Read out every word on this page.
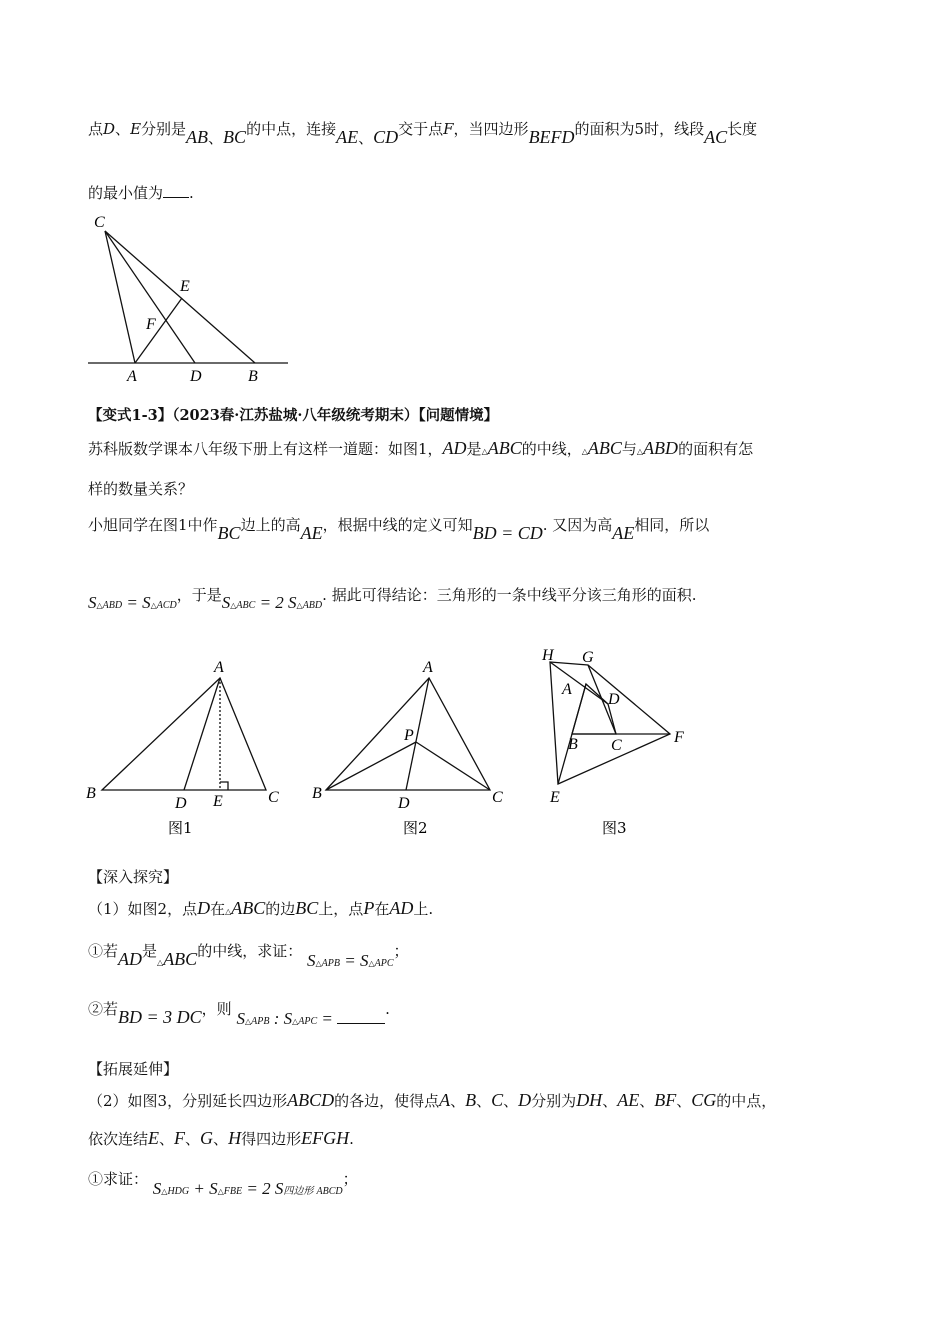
点D、E分别是AB、BC的中点，连接AE、CD交于点F，当四边形BEFD的面积为5时，线段AC长度
的最小值为 .
C
E
F
A	D	B
【变式1-3】（2023春·江苏盐城·八年级统考期末）【问题情境】
苏科版数学课本八年级下册上有这样一道题：如图1，AD是△ABC的中线，△ABC与△ABD的面积有怎
样的数量关系？
小旭同学在图1中作BC边上的高AE，根据中线的定义可知BD = CD. 又因为高AE相同，所以
S△ABD = S△ACD，于是S△ABC = 2 S△ABD. 据此可得结论：三角形的一条中线平分该三角形的面积.
A
B	C
D E
图1
A
B	C
D
P
图2
H G
A
D
B C	F
E
图3
【深入探究】
（1）如图2，点D在△ABC的边BC上，点P在AD上.
①若AD是$_\triangle$ABC的中线，求证： S△APB = S△APC；
②若BD = 3 DC，则 S△APB : S△APC =	.
【拓展延伸】
（2）如图3，分别延长四边形ABCD的各边，使得点A、B、C、D分别为DH、AE、BF、CG的中点，
依次连结E、F、G、H得四边形EFGH.
①求证： S△HDG + S△FBE = 2 S四边形 ABCD；
